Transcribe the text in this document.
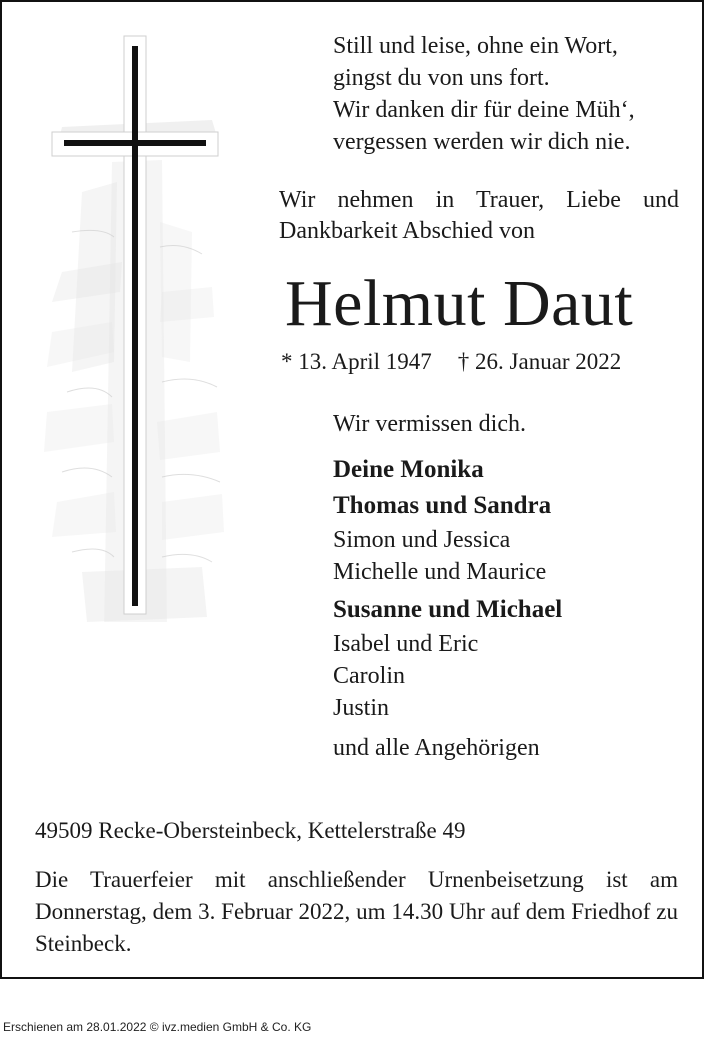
Still und leise, ohne ein Wort,
gingst du von uns fort.
Wir danken dir für deine Müh‘,
vergessen werden wir dich nie.
Wir nehmen in Trauer, Liebe und Dankbarkeit Abschied von
Helmut Daut
* 13. April 1947 † 26. Januar 2022
Wir vermissen dich.
Deine Monika
Thomas und Sandra
Simon und Jessica
Michelle und Maurice
Susanne und Michael
Isabel und Eric
Carolin
Justin
und alle Angehörigen
49509 Recke-Obersteinbeck, Kettelerstraße 49
Die Trauerfeier mit anschließender Urnenbeisetzung ist am Donnerstag, dem 3. Februar 2022, um 14.30 Uhr auf dem Friedhof zu Steinbeck.
Erschienen am 28.01.2022 © ivz.medien GmbH & Co. KG
